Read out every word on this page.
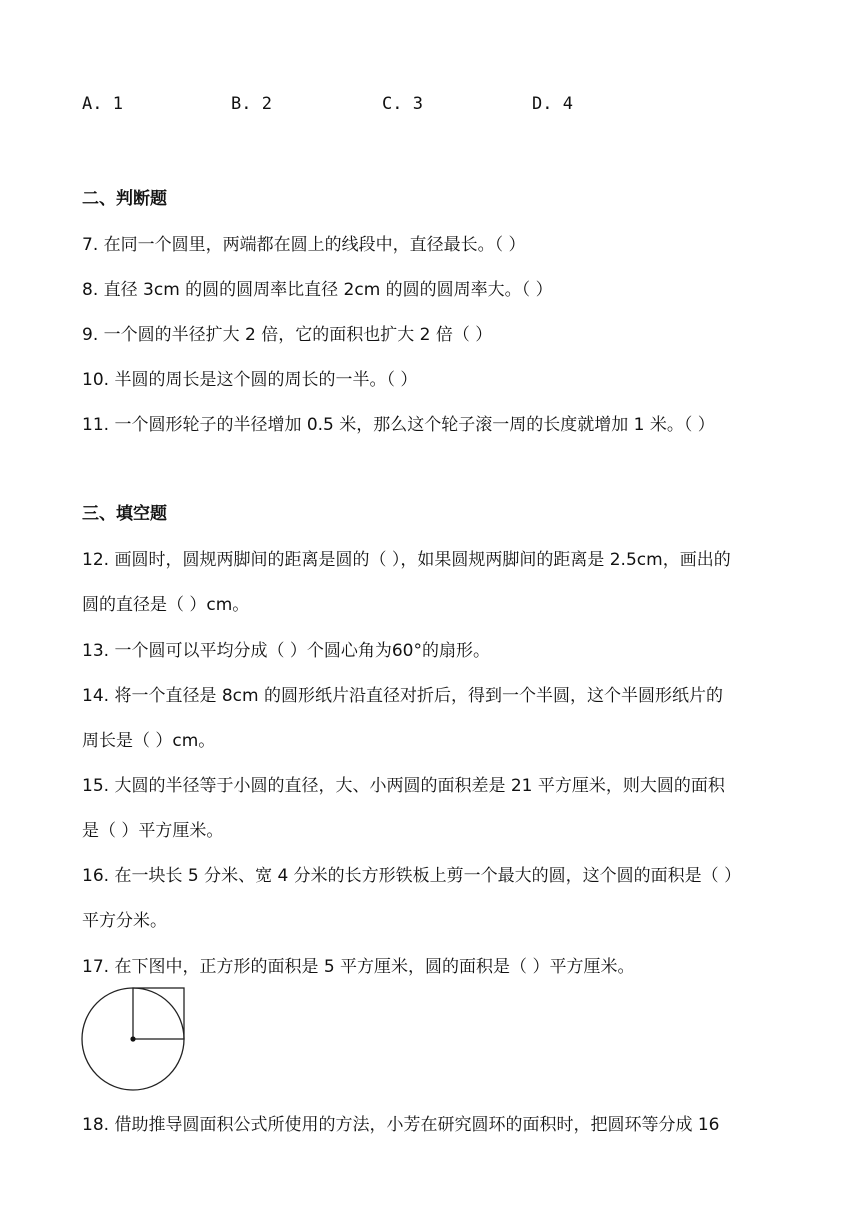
A. 1	B. 2	C. 3	D. 4
二、判断题
7. 在同一个圆里，两端都在圆上的线段中，直径最长。（ ）
8. 直径 3cm 的圆的圆周率比直径 2cm 的圆的圆周率大。（ ）
9. 一个圆的半径扩大 2 倍，它的面积也扩大 2 倍（ ）
10. 半圆的周长是这个圆的周长的一半。（ ）
11. 一个圆形轮子的半径增加 0.5 米，那么这个轮子滚一周的长度就增加 1 米。（ ）
三、填空题
12. 画圆时，圆规两脚间的距离是圆的（ ），如果圆规两脚间的距离是 2.5cm，画出的
圆的直径是（ ）cm。
13. 一个圆可以平均分成（ ）个圆心角为60°的扇形。
14. 将一个直径是 8cm 的圆形纸片沿直径对折后，得到一个半圆，这个半圆形纸片的
周长是（ ）cm。
15. 大圆的半径等于小圆的直径，大、小两圆的面积差是 21 平方厘米，则大圆的面积
是（ ）平方厘米。
16. 在一块长 5 分米、宽 4 分米的长方形铁板上剪一个最大的圆，这个圆的面积是（ ）
平方分米。
17. 在下图中，正方形的面积是 5 平方厘米，圆的面积是（ ）平方厘米。
18. 借助推导圆面积公式所使用的方法，小芳在研究圆环的面积时，把圆环等分成 16
